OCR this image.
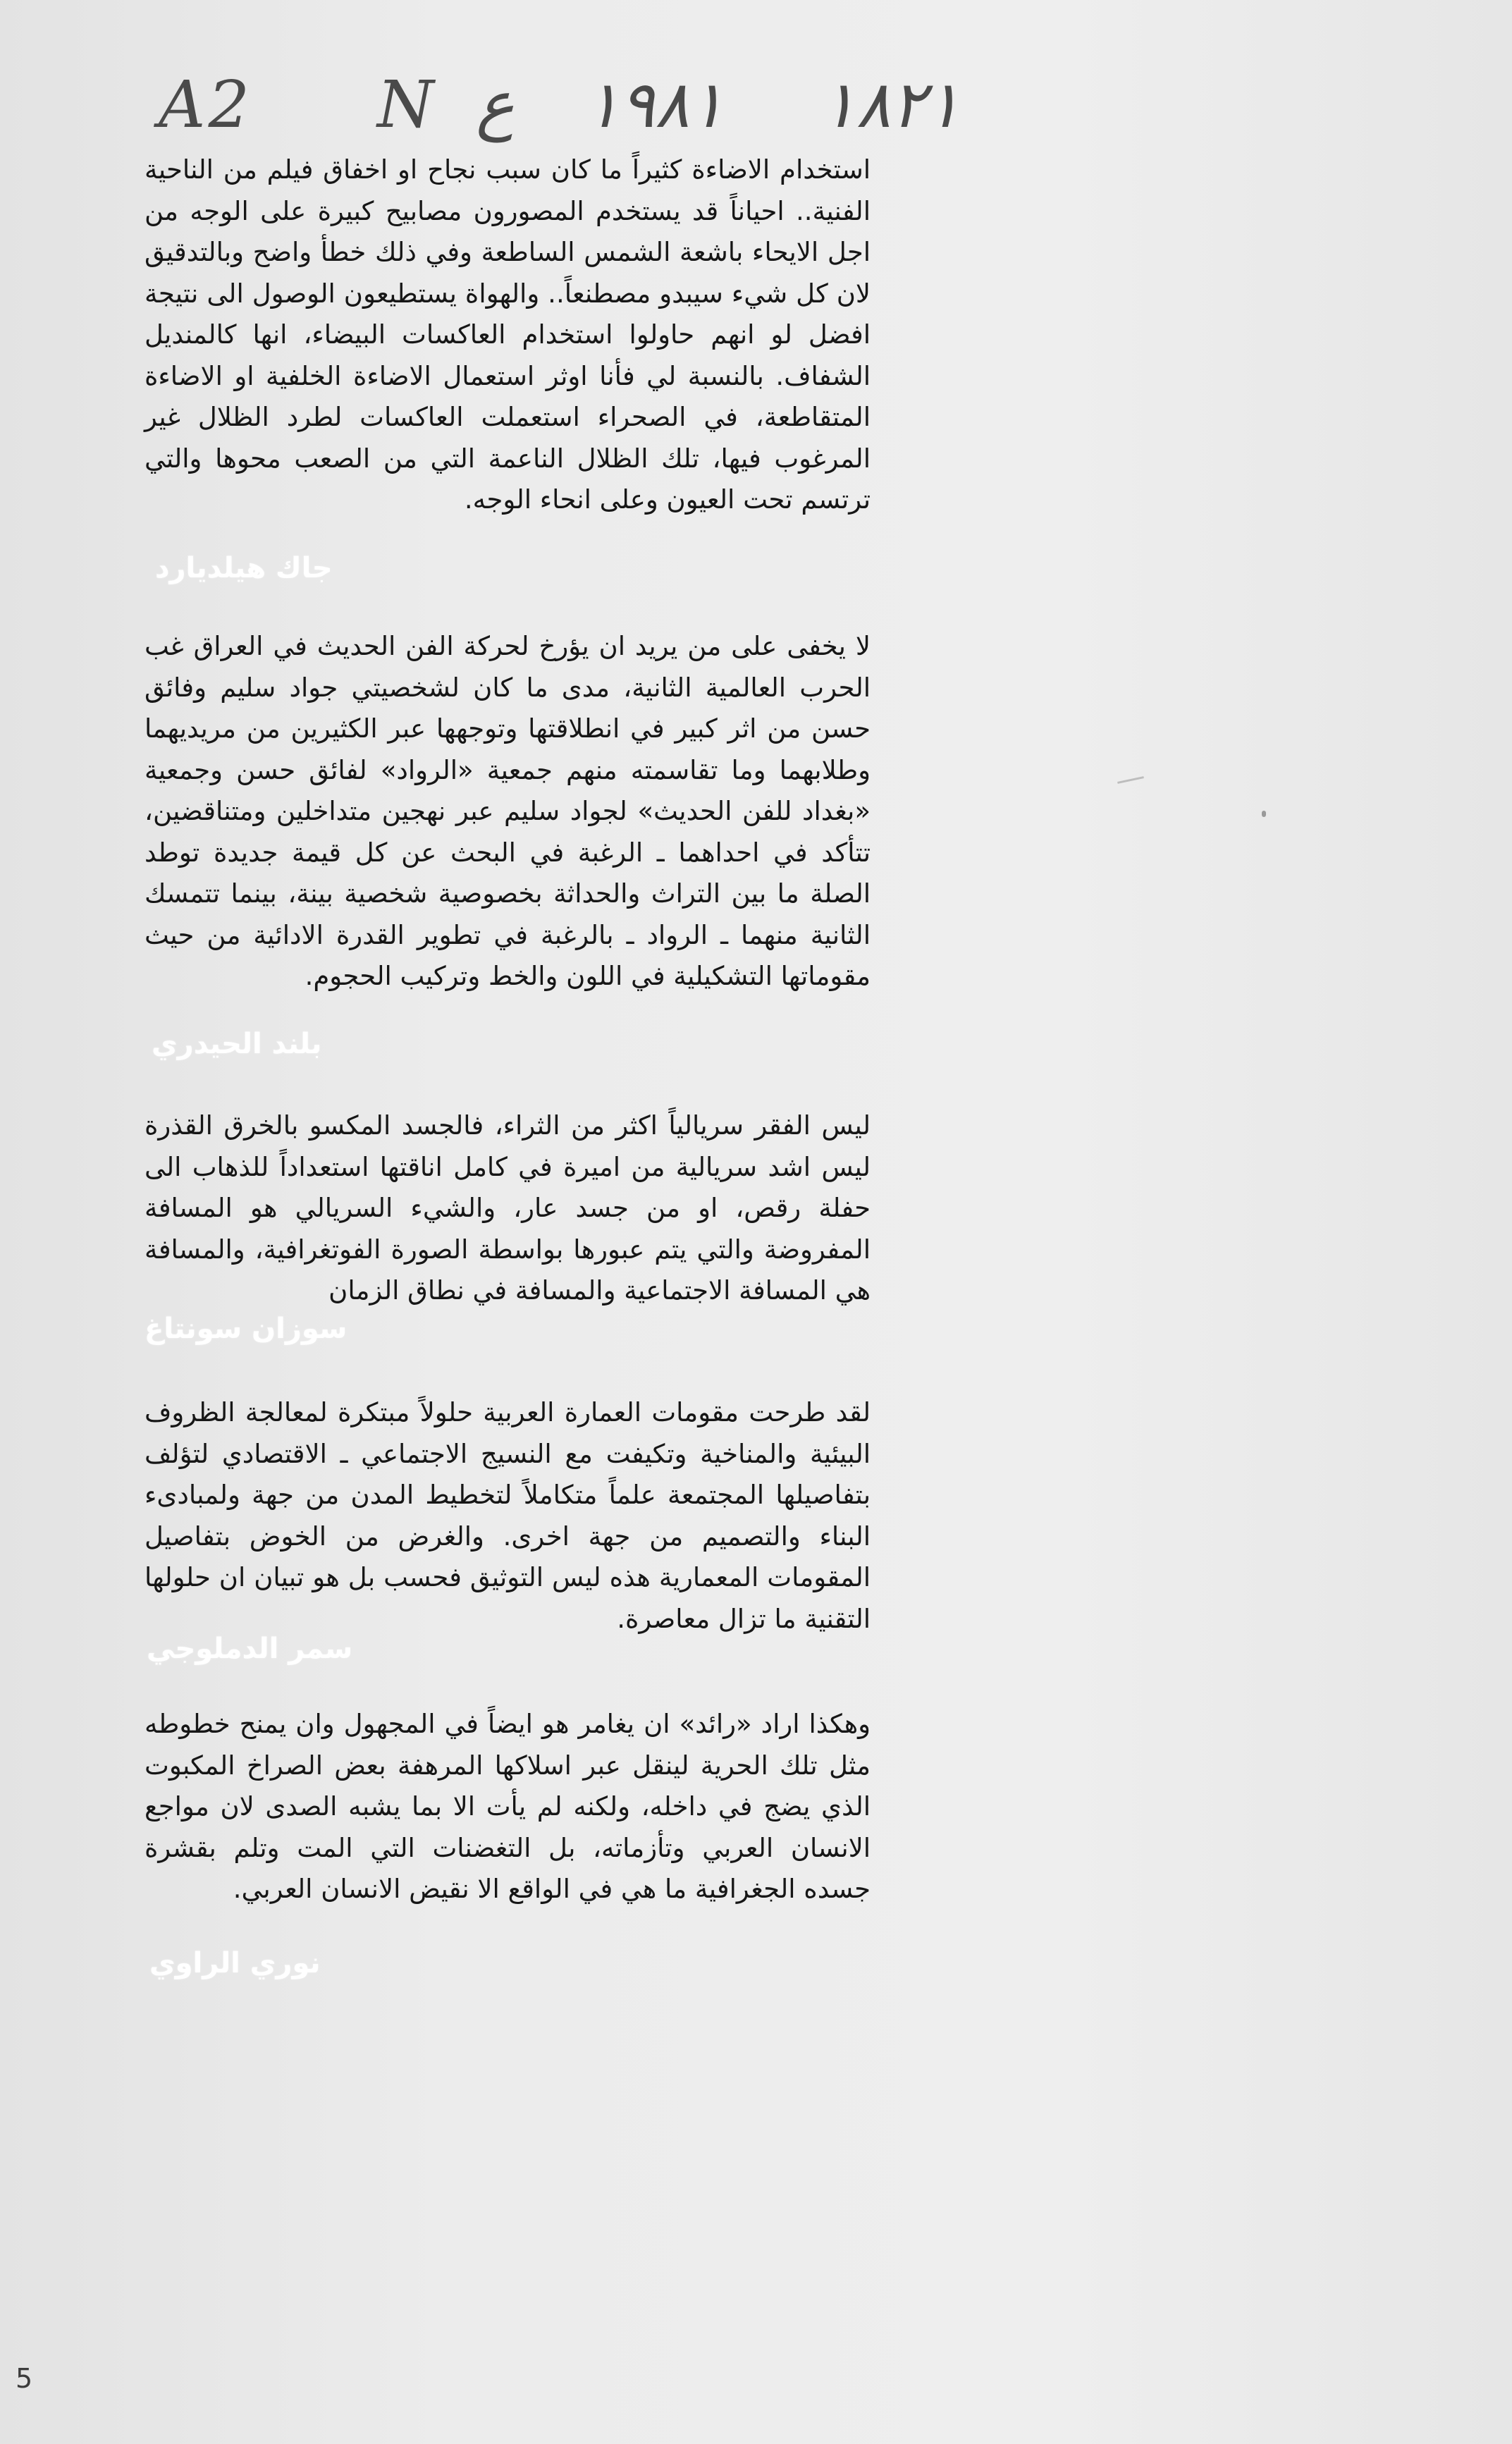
A2 N ع ١٩٨١ ١٨٢١

استخدام الاضاءة كثيراً ما كان سبب نجاح او اخفاق فيلم من الناحية الفنية.. احياناً قد يستخدم المصورون مصابيح كبيرة على الوجه من اجل الايحاء باشعة الشمس الساطعة وفي ذلك خطأ واضح وبالتدقيق لان كل شيء سيبدو مصطنعاً.. والهواة يستطيعون الوصول الى نتيجة افضل لو انهم حاولوا استخدام العاكسات البيضاء، انها كالمنديل الشفاف. بالنسبة لي فأنا اوثر استعمال الاضاءة الخلفية او الاضاءة المتقاطعة، في الصحراء استعملت العاكسات لطرد الظلال غير المرغوب فيها، تلك الظلال الناعمة التي من الصعب محوها والتي ترتسم تحت العيون وعلى انحاء الوجه.

لا يخفى على من يريد ان يؤرخ لحركة الفن الحديث في العراق غب الحرب العالمية الثانية، مدى ما كان لشخصيتي جواد سليم وفائق حسن من اثر كبير في انطلاقتها وتوجهها عبر الكثيرين من مريديهما وطلابهما وما تقاسمته منهم جمعية «الرواد» لفائق حسن وجمعية «بغداد للفن الحديث» لجواد سليم عبر نهجين متداخلين ومتناقضين، تتأكد في احداهما ـ الرغبة في البحث عن كل قيمة جديدة توطد الصلة ما بين التراث والحداثة بخصوصية شخصية بينة، بينما تتمسك الثانية منهما ـ الرواد ـ بالرغبة في تطوير القدرة الادائية من حيث مقوماتها التشكيلية في اللون والخط وتركيب الحجوم.

ليس الفقر سريالياً اكثر من الثراء، فالجسد المكسو بالخرق القذرة ليس اشد سريالية من اميرة في كامل اناقتها استعداداً للذهاب الى حفلة رقص، او من جسد عار، والشيء السريالي هو المسافة المفروضة والتي يتم عبورها بواسطة الصورة الفوتغرافية، والمسافة هي المسافة الاجتماعية والمسافة في نطاق الزمان

لقد طرحت مقومات العمارة العربية حلولاً مبتكرة لمعالجة الظروف البيئية والمناخية وتكيفت مع النسيج الاجتماعي ـ الاقتصادي لتؤلف بتفاصيلها المجتمعة علماً متكاملاً لتخطيط المدن من جهة ولمبادىء البناء والتصميم من جهة اخرى. والغرض من الخوض بتفاصيل المقومات المعمارية هذه ليس التوثيق فحسب بل هو تبيان ان حلولها التقنية ما تزال معاصرة.

وهكذا اراد «رائد» ان يغامر هو ايضاً في المجهول وان يمنح خطوطه مثل تلك الحرية لينقل عبر اسلاكها المرهفة بعض الصراخ المكبوت الذي يضج في داخله، ولكنه لم يأت الا بما يشبه الصدى لان مواجع الانسان العربي وتأزماته، بل التغضنات التي المت وتلم بقشرة جسده الجغرافية ما هي في الواقع الا نقيض الانسان العربي.

جاك هيلديارد
بلند الحيدري
سوزان سونتاغ
سمر الدملوجي
نوري الراوي
5
